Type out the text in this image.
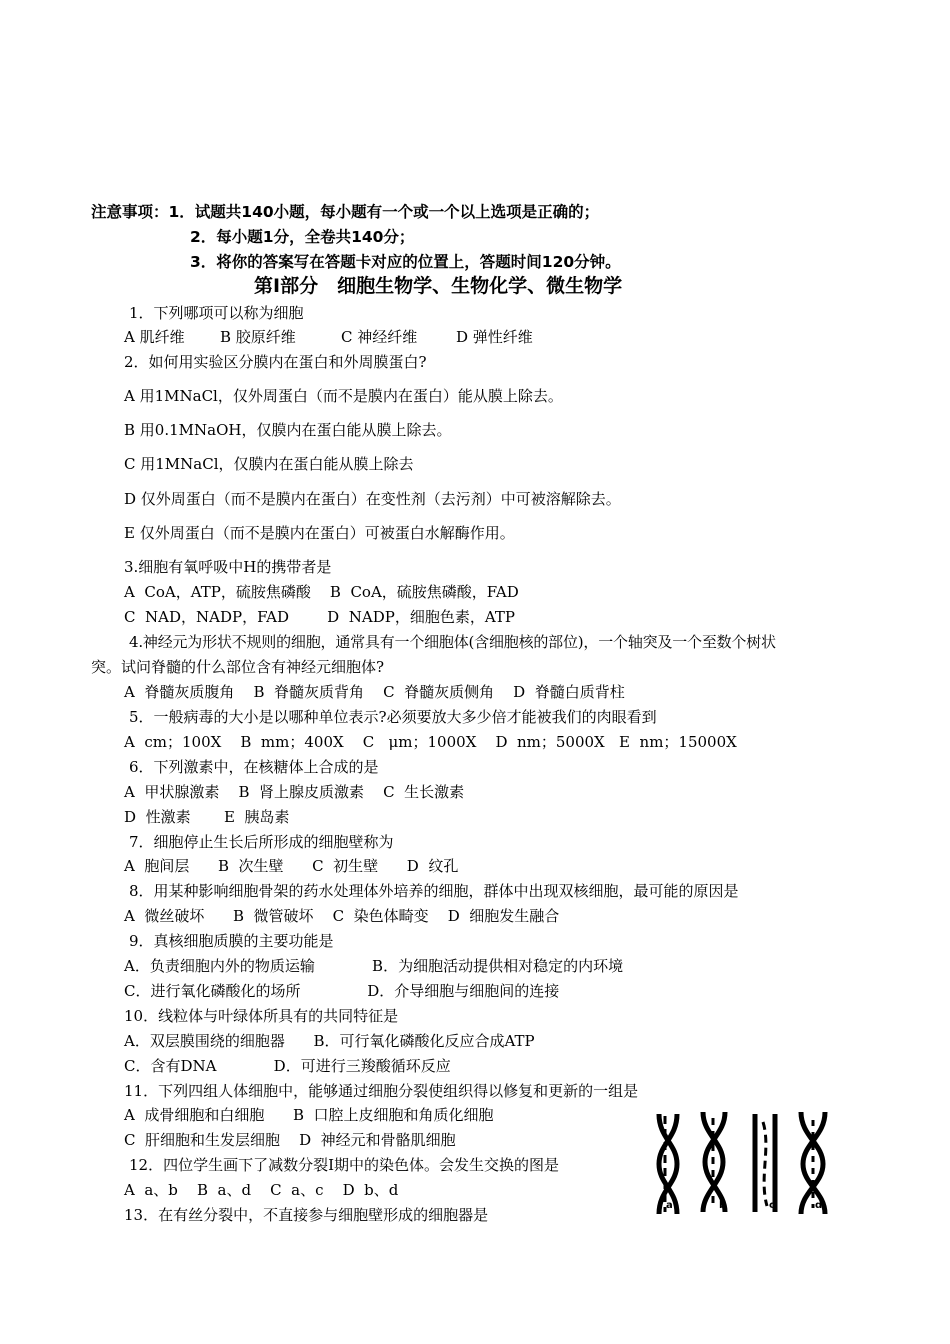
注意事项：1．试题共140小题，每小题有一个或一个以上选项是正确的；
2．每小题1分，全卷共140分；
3．将你的答案写在答题卡对应的位置上，答题时间120分钟。
第Ⅰ部分　细胞生物学、生物化学、微生物学
1．下列哪项可以称为细胞
A 肌纤维 B 胶原纤维	C 神经纤维	D 弹性纤维
2．如何用实验区分膜内在蛋白和外周膜蛋白?
A 用1MNaCl，仅外周蛋白（而不是膜内在蛋白）能从膜上除去。
B 用0.1MNaOH，仅膜内在蛋白能从膜上除去。
C 用1MNaCl，仅膜内在蛋白能从膜上除去
D 仅外周蛋白（而不是膜内在蛋白）在变性剂（去污剂）中可被溶解除去。
E 仅外周蛋白（而不是膜内在蛋白）可被蛋白水解酶作用。
3.细胞有氧呼吸中H的携带者是
A  CoA，ATP，硫胺焦磷酸    B  CoA，硫胺焦磷酸，FAD
C  NAD，NADP，FAD        D  NADP，细胞色素，ATP
4.神经元为形状不规则的细胞，通常具有一个细胞体(含细胞核的部位)，一个轴突及一个至数个树状
突。试问脊髓的什么部位含有神经元细胞体?
A  脊髓灰质腹角    B  脊髓灰质背角    C  脊髓灰质侧角    D  脊髓白质背柱
5．一般病毒的大小是以哪种单位表示?必须要放大多少倍才能被我们的肉眼看到
A  cm；100X    B  mm；400X    C   μm；1000X    D  nm；5000X   E  nm；15000X
6．下列激素中，在核糖体上合成的是
A  甲状腺激素    B  肾上腺皮质激素    C  生长激素
D  性激素       E  胰岛素
7．细胞停止生长后所形成的细胞壁称为
A  胞间层      B  次生壁      C  初生壁      D  纹孔
8．用某种影响细胞骨架的药水处理体外培养的细胞，群体中出现双核细胞，最可能的原因是
A  微丝破坏      B  微管破坏    C  染色体畸变    D  细胞发生融合
9．真核细胞质膜的主要功能是
A．负责细胞内外的物质运输            B．为细胞活动提供相对稳定的内环境
C．进行氧化磷酸化的场所              D．介导细胞与细胞间的连接
10．线粒体与叶绿体所具有的共同特征是
A．双层膜围绕的细胞器      B．可行氧化磷酸化反应合成ATP
C．含有DNA            D．可进行三羧酸循环反应
11．下列四组人体细胞中，能够通过细胞分裂使组织得以修复和更新的一组是
A  成骨细胞和白细胞      B  口腔上皮细胞和角质化细胞
C  肝细胞和生发层细胞    D  神经元和骨骼肌细胞
12．四位学生画下了减数分裂Ⅰ期中的染色体。会发生交换的图是
A  a、b    B  a、d    C  a、c    D  b、d
13．在有丝分裂中，不直接参与细胞壁形成的细胞器是
a	b	c	d
